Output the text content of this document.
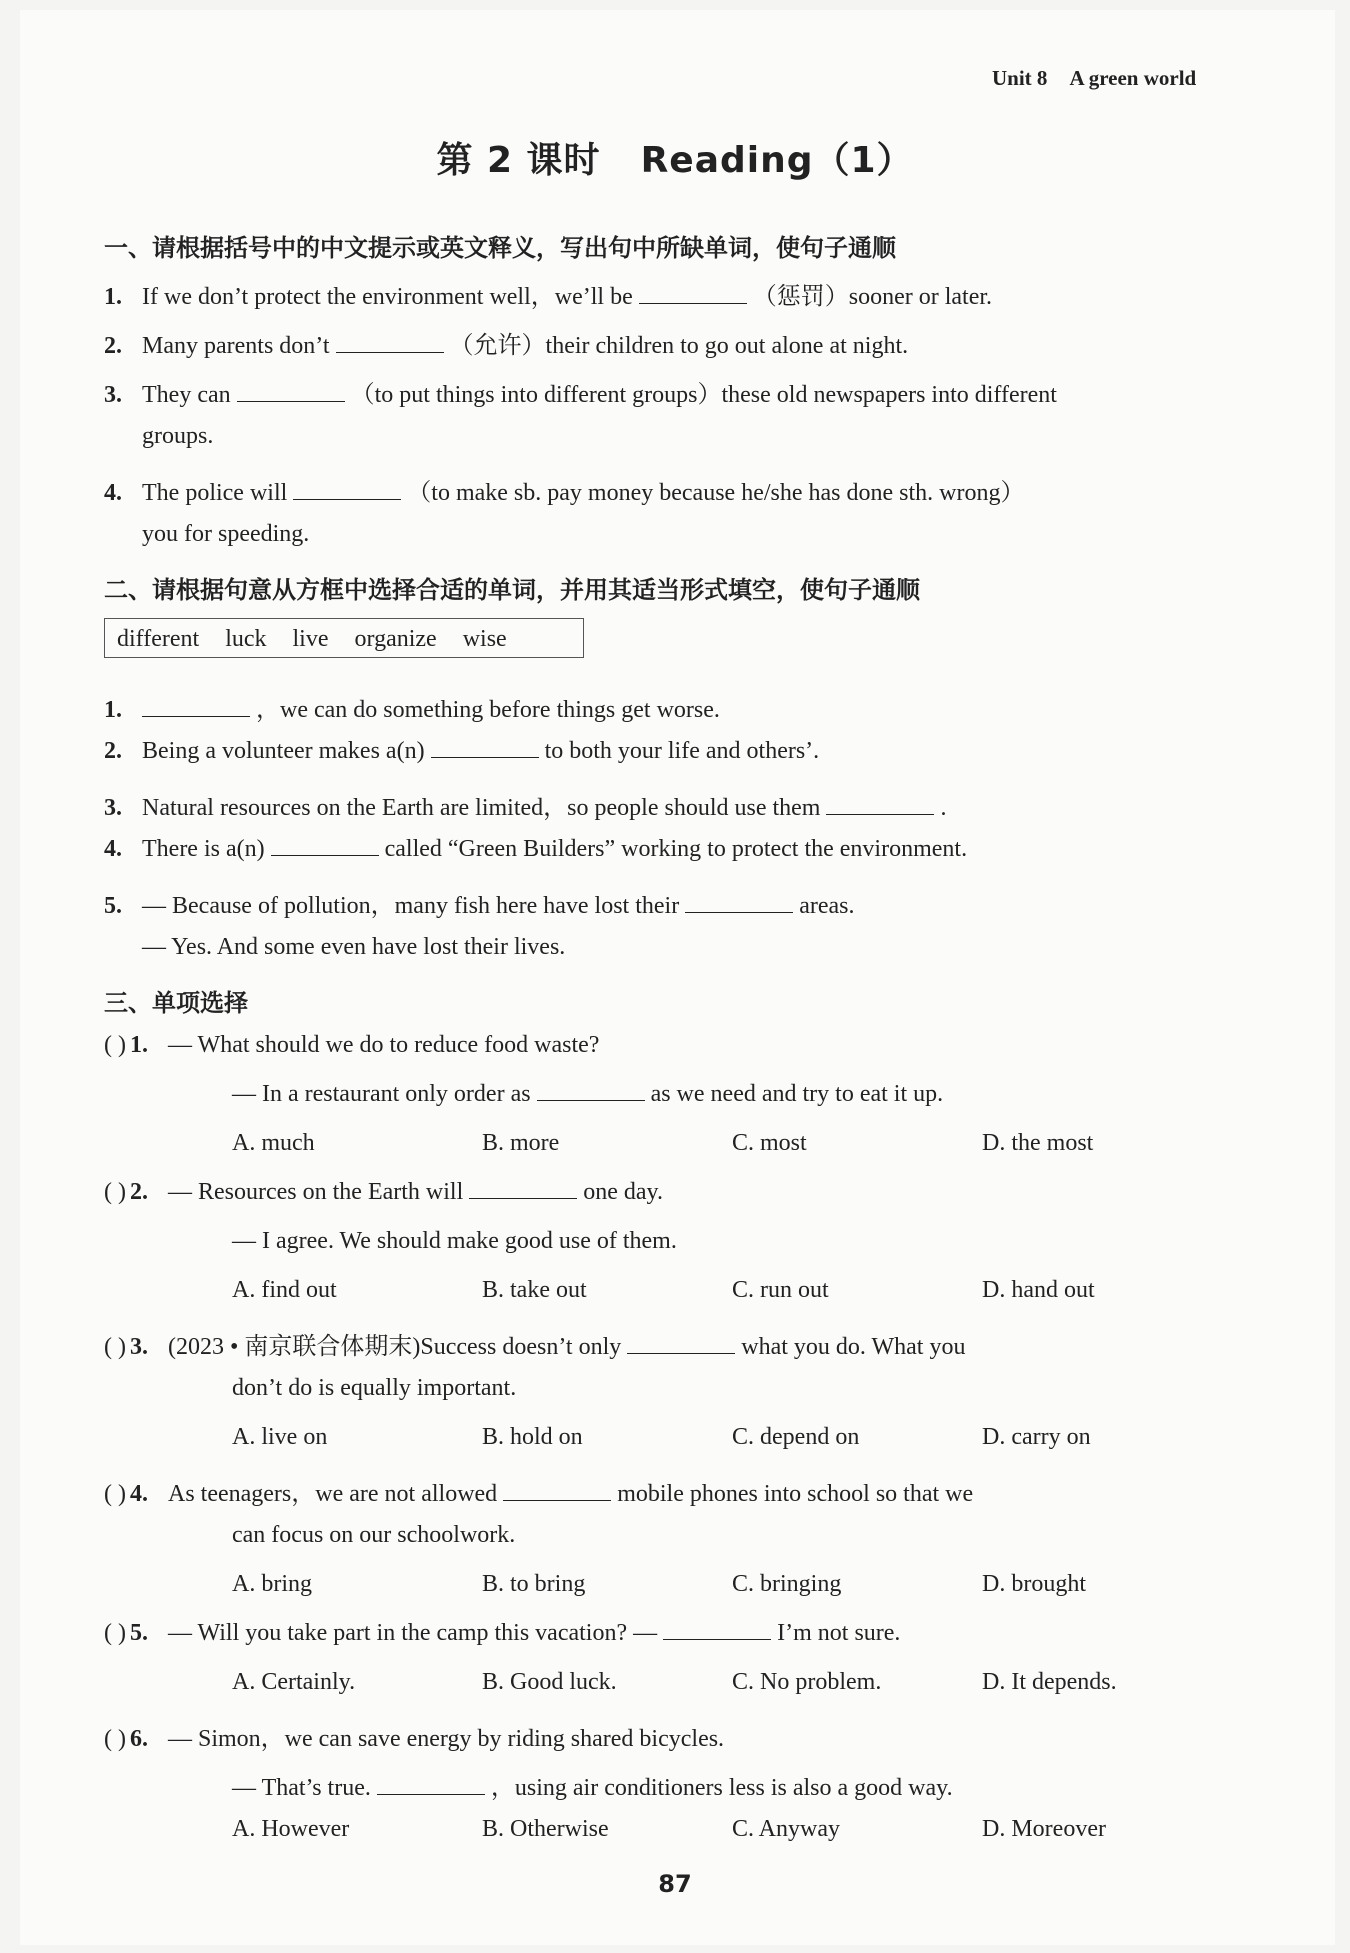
Unit 8 A green world
第 2 课时 Reading（1）
一、请根据括号中的中文提示或英文释义，写出句中所缺单词，使句子通顺
1. If we don’t protect the environment well，we’ll be	（惩罚）sooner or later.
2. Many parents don’t	（允许）their children to go out alone at night.
3. They can	（to put things into different groups）these old newspapers into different
groups.
4. The police will	（to make sb. pay money because he/she has done sth. wrong）
you for speeding.
二、请根据句意从方框中选择合适的单词，并用其适当形式填空，使句子通顺
different luck live organize wise
1.	，we can do something before things get worse.
2. Being a volunteer makes a(n)	to both your life and others’.
3. Natural resources on the Earth are limited，so people should use them	.
4. There is a(n)	called “Green Builders” working to protect the environment.
5. — Because of pollution，many fish here have lost their	areas.
— Yes. And some even have lost their lives.
三、单项选择
( ) 1. — What should we do to reduce food waste?
— In a restaurant only order as	as we need and try to eat it up.
A. much	B. more	C. most	D. the most
( ) 2. — Resources on the Earth will	one day.
— I agree. We should make good use of them.
A. find out	B. take out	C. run out	D. hand out
( ) 3. (2023 • 南京联合体期末)Success doesn’t only	what you do. What you
don’t do is equally important.
A. live on	B. hold on	C. depend on	D. carry on
( ) 4. As teenagers，we are not allowed	mobile phones into school so that we
can focus on our schoolwork.
A. bring	B. to bring	C. bringing	D. brought
( ) 5. — Will you take part in the camp this vacation? —	I’m not sure.
A. Certainly.	B. Good luck.	C. No problem.	D. It depends.
( ) 6. — Simon，we can save energy by riding shared bicycles.
— That’s true.	，using air conditioners less is also a good way.
A. However	B. Otherwise	C. Anyway	D. Moreover
87
